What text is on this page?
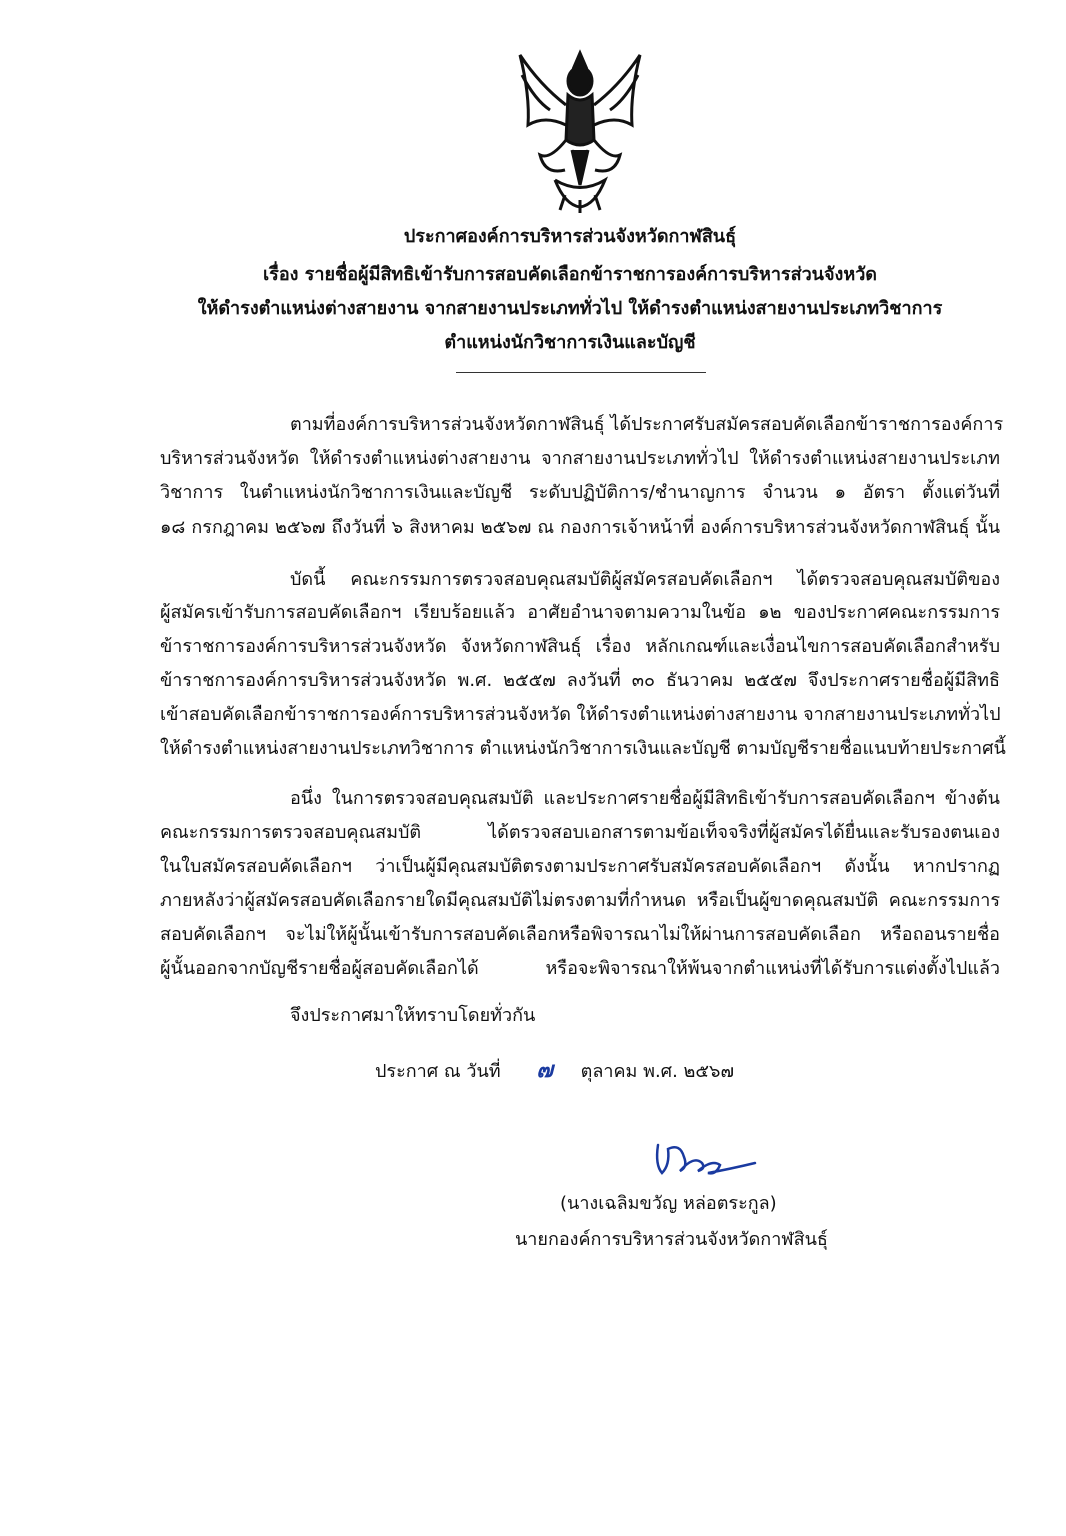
ประกาศองค์การบริหารส่วนจังหวัดกาฬสินธุ์
เรื่อง รายชื่อผู้มีสิทธิเข้ารับการสอบคัดเลือกข้าราชการองค์การบริหารส่วนจังหวัด
ให้ดำรงตำแหน่งต่างสายงาน จากสายงานประเภททั่วไป ให้ดำรงตำแหน่งสายงานประเภทวิชาการ
ตำแหน่งนักวิชาการเงินและบัญชี
ตามที่องค์การบริหารส่วนจังหวัดกาฬสินธุ์ ได้ประกาศรับสมัครสอบคัดเลือกข้าราชการองค์การ
บริหารส่วนจังหวัด ให้ดำรงตำแหน่งต่างสายงาน จากสายงานประเภททั่วไป ให้ดำรงตำแหน่งสายงานประเภท
วิชาการ ในตำแหน่งนักวิชาการเงินและบัญชี ระดับปฏิบัติการ/ชำนาญการ จำนวน ๑ อัตรา ตั้งแต่วันที่
๑๘ กรกฎาคม ๒๕๖๗ ถึงวันที่ ๖ สิงหาคม ๒๕๖๗ ณ กองการเจ้าหน้าที่ องค์การบริหารส่วนจังหวัดกาฬสินธุ์ นั้น
บัดนี้ คณะกรรมการตรวจสอบคุณสมบัติผู้สมัครสอบคัดเลือกฯ ได้ตรวจสอบคุณสมบัติของ
ผู้สมัครเข้ารับการสอบคัดเลือกฯ เรียบร้อยแล้ว อาศัยอำนาจตามความในข้อ ๑๒ ของประกาศคณะกรรมการ
ข้าราชการองค์การบริหารส่วนจังหวัด จังหวัดกาฬสินธุ์ เรื่อง หลักเกณฑ์และเงื่อนไขการสอบคัดเลือกสำหรับ
ข้าราชการองค์การบริหารส่วนจังหวัด พ.ศ. ๒๕๕๗ ลงวันที่ ๓๐ ธันวาคม ๒๕๕๗ จึงประกาศรายชื่อผู้มีสิทธิ
เข้าสอบคัดเลือกข้าราชการองค์การบริหารส่วนจังหวัด ให้ดำรงตำแหน่งต่างสายงาน จากสายงานประเภททั่วไป
ให้ดำรงตำแหน่งสายงานประเภทวิชาการ ตำแหน่งนักวิชาการเงินและบัญชี ตามบัญชีรายชื่อแนบท้ายประกาศนี้
อนึ่ง ในการตรวจสอบคุณสมบัติ และประกาศรายชื่อผู้มีสิทธิเข้ารับการสอบคัดเลือกฯ ข้างต้น
คณะกรรมการตรวจสอบคุณสมบัติ ได้ตรวจสอบเอกสารตามข้อเท็จจริงที่ผู้สมัครได้ยื่นและรับรองตนเอง
ในใบสมัครสอบคัดเลือกฯ ว่าเป็นผู้มีคุณสมบัติตรงตามประกาศรับสมัครสอบคัดเลือกฯ ดังนั้น หากปรากฏ
ภายหลังว่าผู้สมัครสอบคัดเลือกรายใดมีคุณสมบัติไม่ตรงตามที่กำหนด หรือเป็นผู้ขาดคุณสมบัติ คณะกรรมการ
สอบคัดเลือกฯ จะไม่ให้ผู้นั้นเข้ารับการสอบคัดเลือกหรือพิจารณาไม่ให้ผ่านการสอบคัดเลือก หรือถอนรายชื่อ
ผู้นั้นออกจากบัญชีรายชื่อผู้สอบคัดเลือกได้ หรือจะพิจารณาให้พ้นจากตำแหน่งที่ได้รับการแต่งตั้งไปแล้ว
จึงประกาศมาให้ทราบโดยทั่วกัน
ประกาศ ณ วันที่ ๗ ตุลาคม พ.ศ. ๒๕๖๗
(นางเฉลิมขวัญ หล่อตระกูล)
นายกองค์การบริหารส่วนจังหวัดกาฬสินธุ์
